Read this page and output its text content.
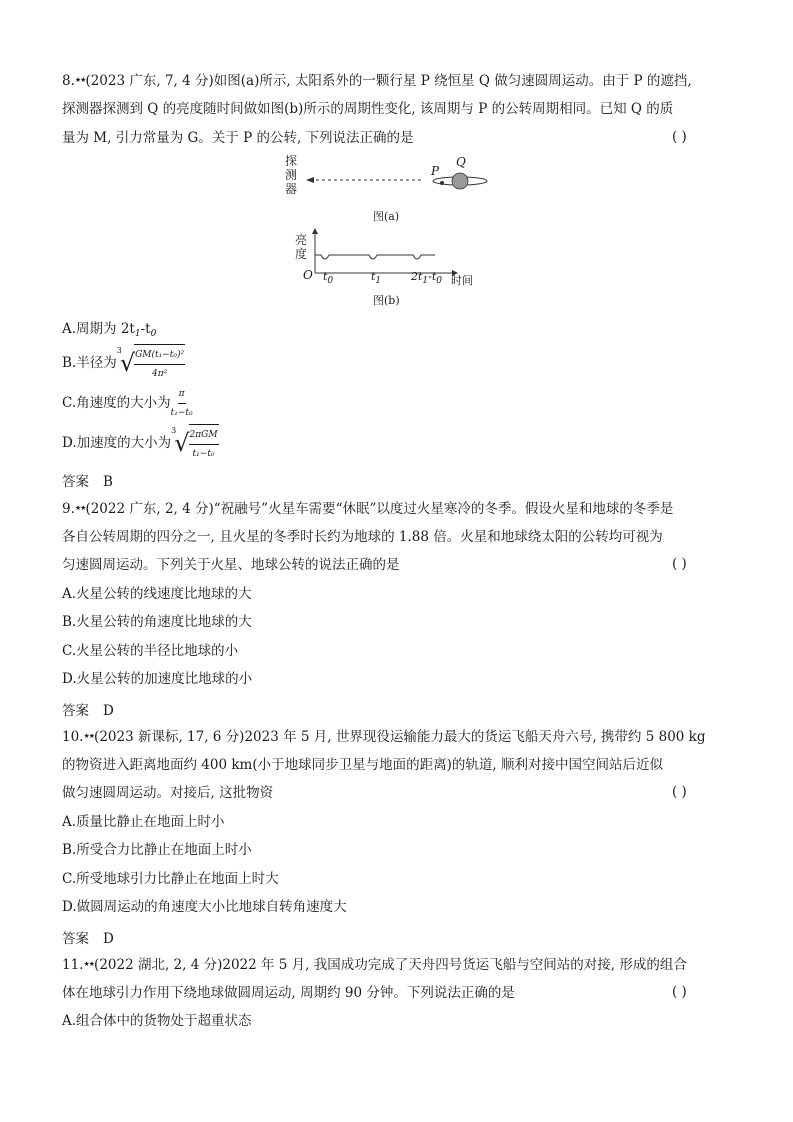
8.★★(2023 广东, 7, 4 分)如图(a)所示, 太阳系外的一颗行星 P 绕恒星 Q 做匀速圆周运动。由于 P 的遮挡,
探测器探测到 Q 的亮度随时间做如图(b)所示的周期性变化, 该周期与 P 的公转周期相同。已知 Q 的质
量为 M, 引力常量为 G。关于 P 的公转, 下列说法正确的是	( )
探
测
器
P
Q
图(a)
亮
度
O $t_0$	$t_1$	$2t_1-t_0$ 时间
图(b)
A.周期为 $2t_1-t_0$
B.半径为
3
√ $\frac{\text{GM(t₁−t₀)²}}{\text{4π²}}$
C.角速度的大小为 $\frac{\pi}{\text{t₁−t₀}}$
D.加速度的大小为
3
√ $\frac{\text{2πGM}}{\text{t₁−t₀}}$
答案 B
9.★★(2022 广东, 2, 4 分)“祝融号”火星车需要“休眠”以度过火星寒冷的冬季。假设火星和地球的冬季是
各自公转周期的四分之一, 且火星的冬季时长约为地球的 1.88 倍。火星和地球绕太阳的公转均可视为
匀速圆周运动。下列关于火星、地球公转的说法正确的是	( )
A.火星公转的线速度比地球的大
B.火星公转的角速度比地球的大
C.火星公转的半径比地球的小
D.火星公转的加速度比地球的小
答案 D
10.★★(2023 新课标, 17, 6 分)2023 年 5 月, 世界现役运输能力最大的货运飞船天舟六号, 携带约 5 800 kg
的物资进入距离地面约 400 km(小于地球同步卫星与地面的距离)的轨道, 顺利对接中国空间站后近似
做匀速圆周运动。对接后, 这批物资	( )
A.质量比静止在地面上时小
B.所受合力比静止在地面上时小
C.所受地球引力比静止在地面上时大
D.做圆周运动的角速度大小比地球自转角速度大
答案 D
11.★★(2022 湖北, 2, 4 分)2022 年 5 月, 我国成功完成了天舟四号货运飞船与空间站的对接, 形成的组合
体在地球引力作用下绕地球做圆周运动, 周期约 90 分钟。下列说法正确的是	( )
A.组合体中的货物处于超重状态
